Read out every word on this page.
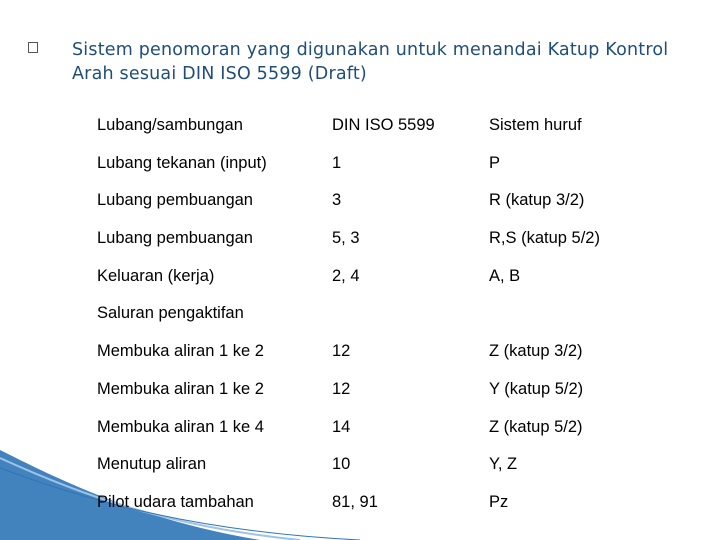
Sistem penomoran yang digunakan untuk menandai Katup Kontrol Arah sesuai DIN ISO 5599 (Draft)
Lubang/sambungan	DIN ISO 5599	Sistem huruf
Lubang tekanan (input)	1	P
Lubang pembuangan	3	R (katup 3/2)
Lubang pembuangan	5, 3	R,S (katup 5/2)
Keluaran (kerja)	2, 4	A, B
Saluran pengaktifan
Membuka aliran 1 ke 2	12	Z (katup 3/2)
Membuka aliran 1 ke 2	12	Y (katup 5/2)
Membuka aliran 1 ke 4	14	Z (katup 5/2)
Menutup aliran	10	Y, Z
Pilot udara tambahan	81, 91	Pz
